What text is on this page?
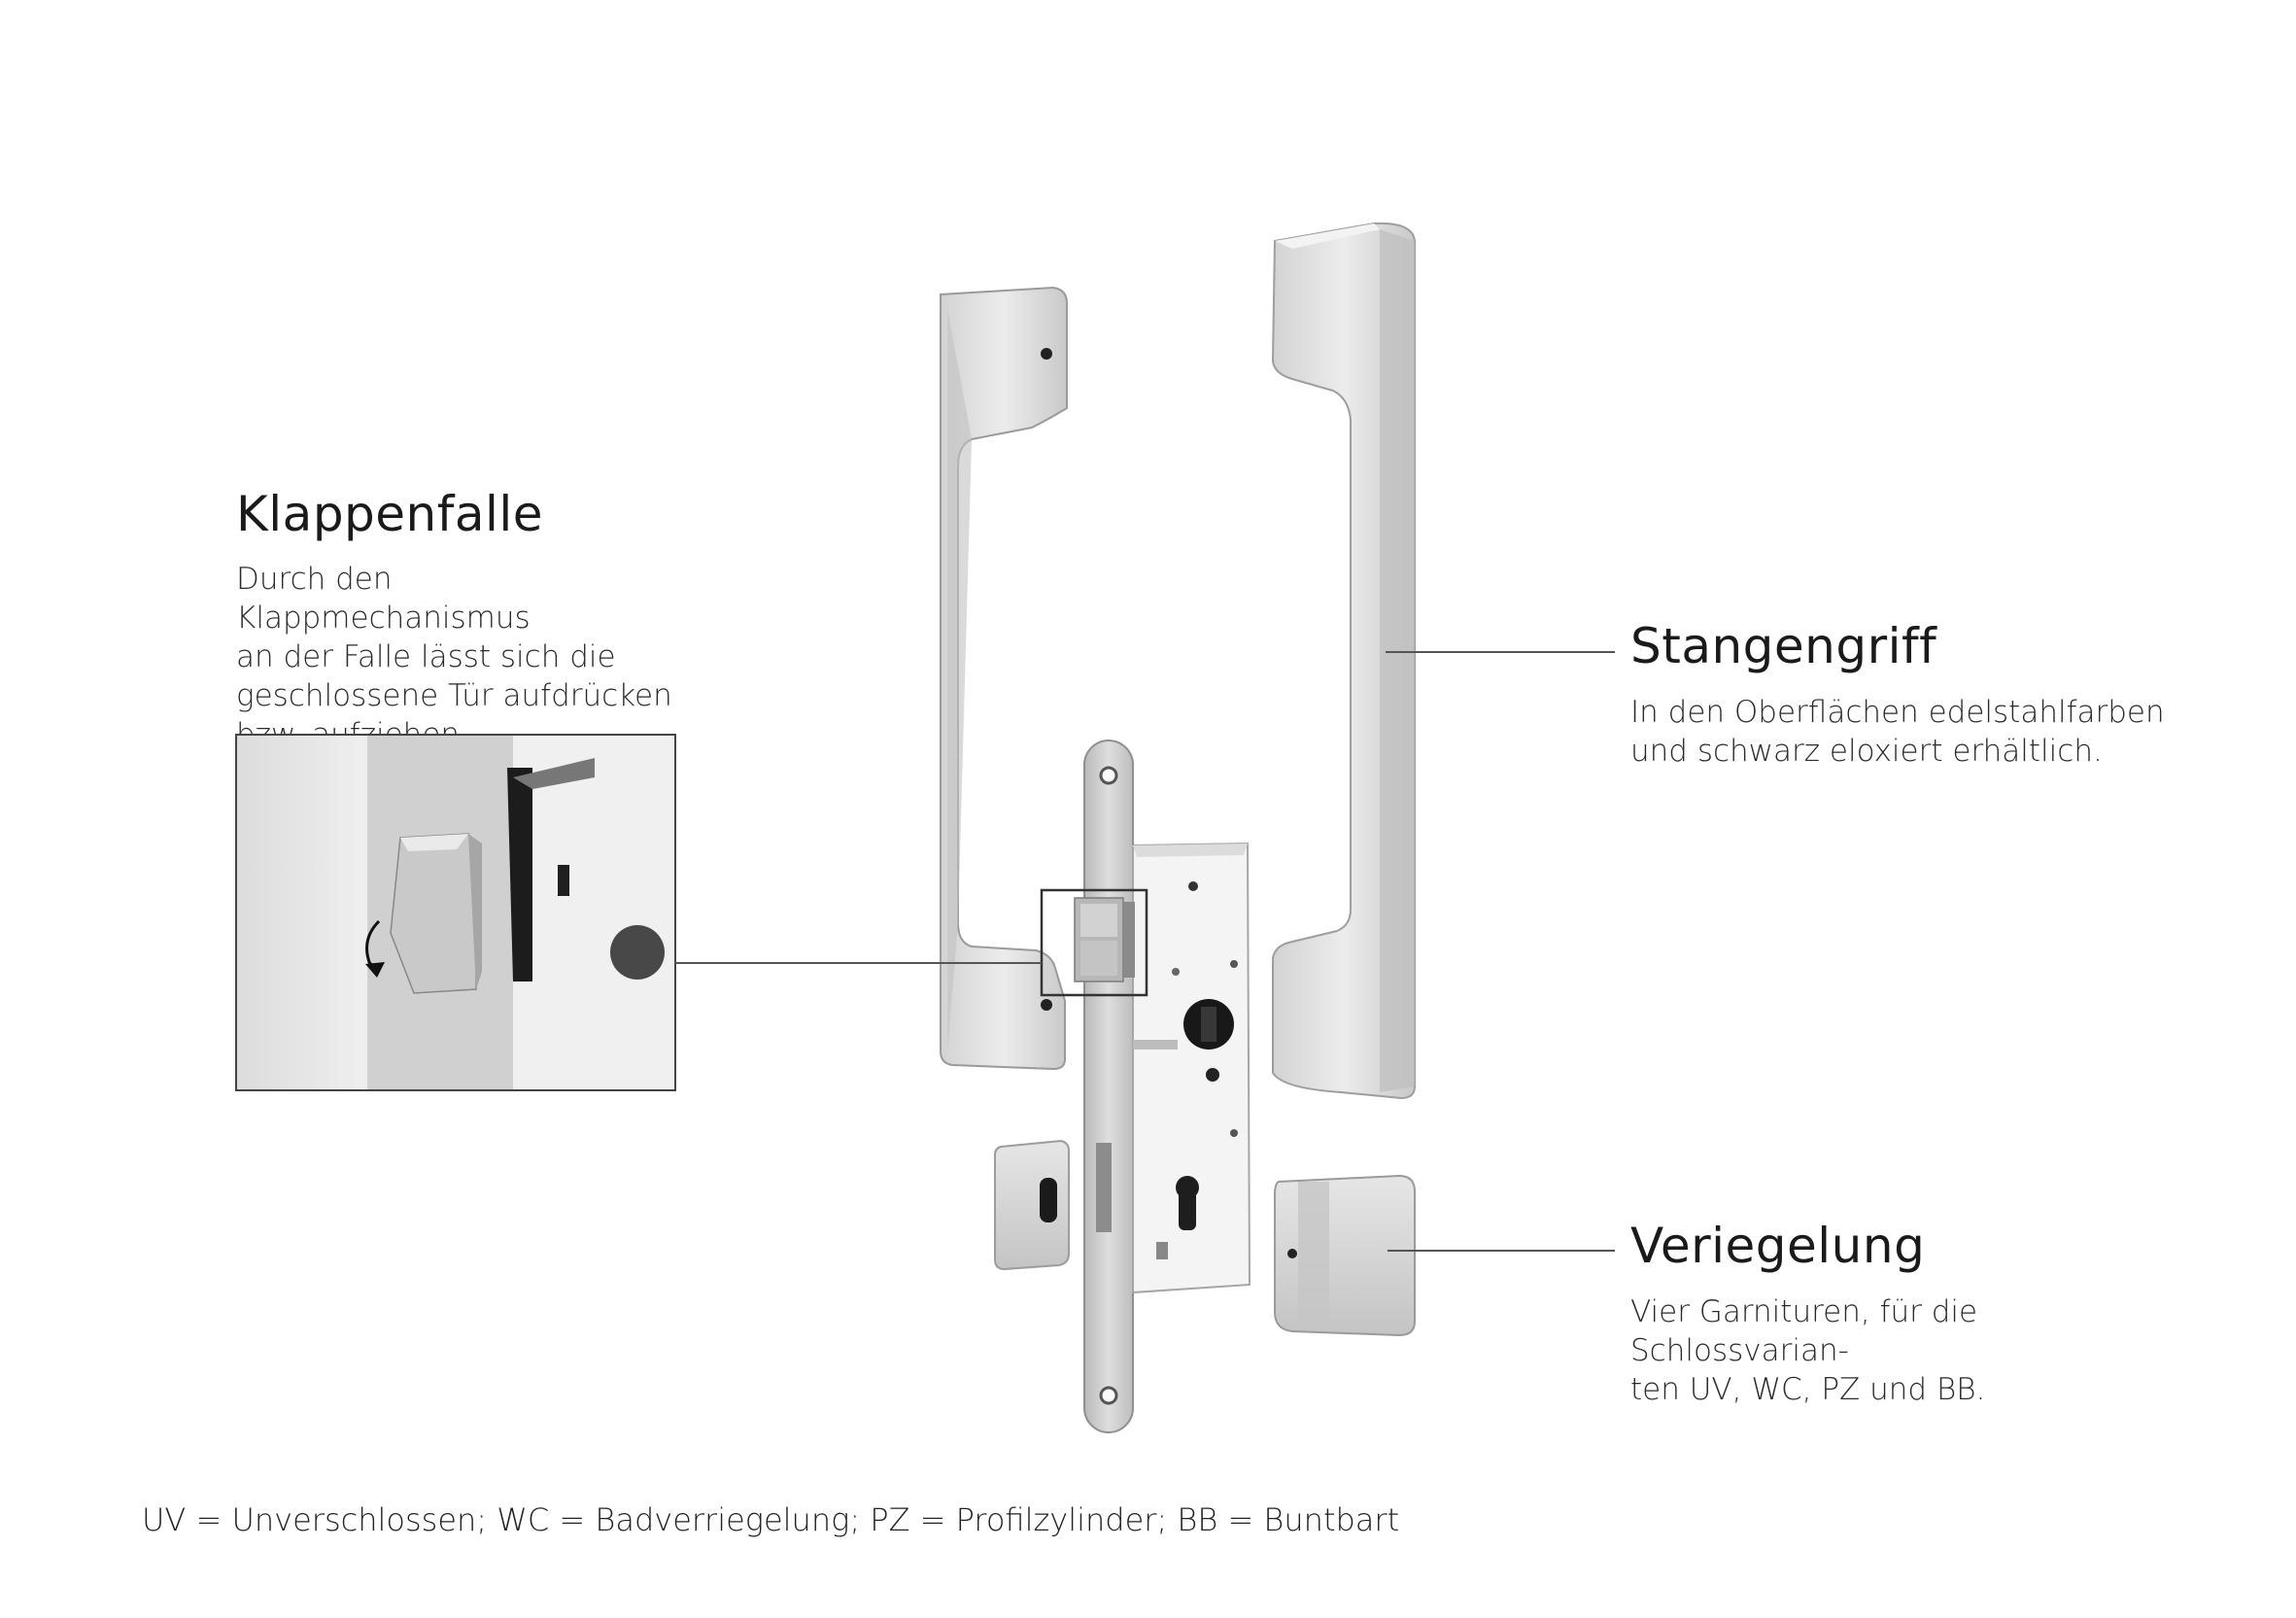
Klappenfalle

Durch den Klappmechanismus
an der Falle lässt sich die
geschlossene Tür aufdrücken

Stangengriff

In den Oberflächen edelstahlfarben
und schwarz eloxiert erhältlich.

Veriegelung

Vier Garnituren, für die Schlossvarian-
ten UV, WC, PZ und BB.

UV = Unverschlossen; WC = Badverriegelung; PZ = Profilzylinder; BB = Buntbart
